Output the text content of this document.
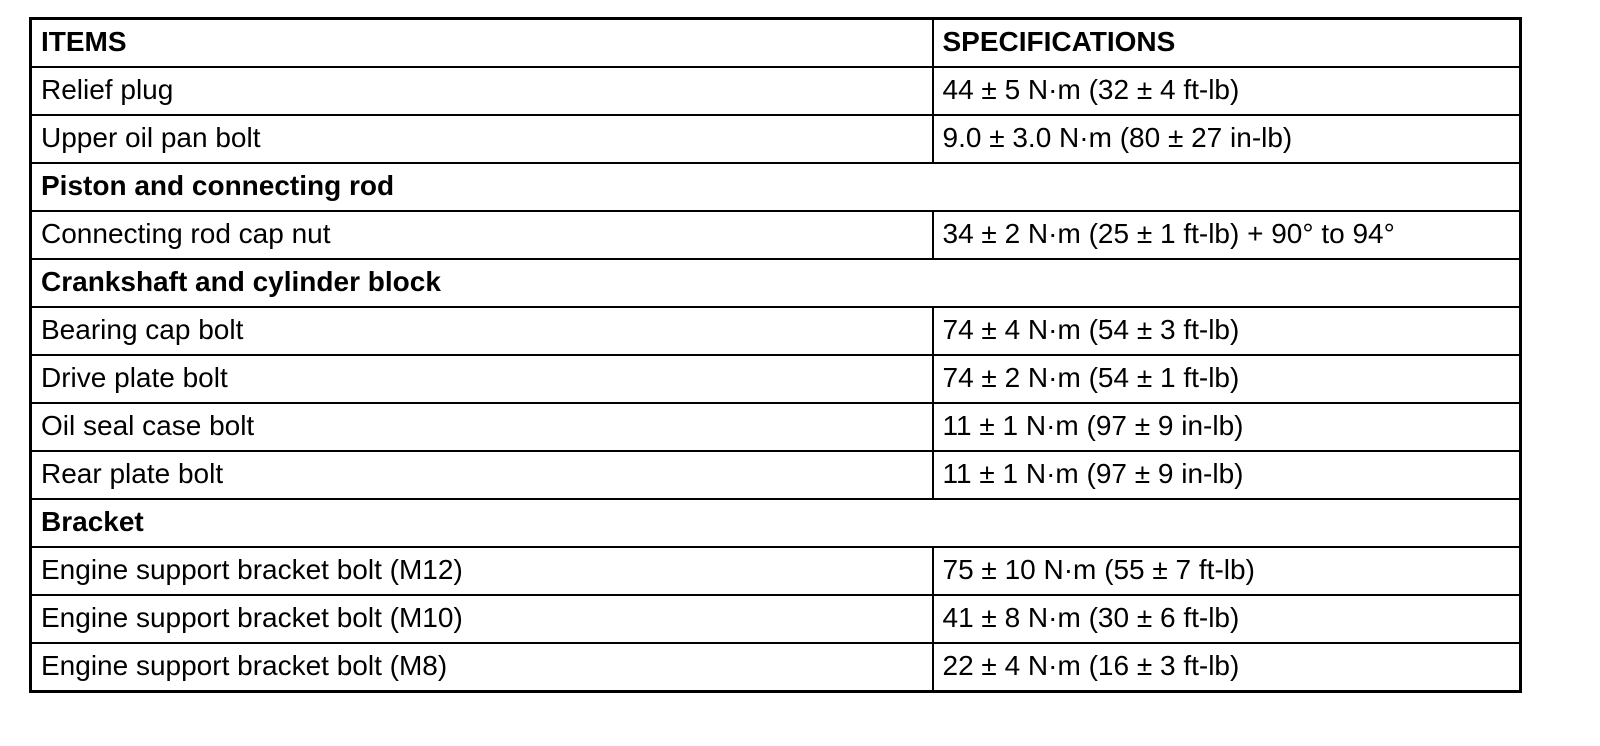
ITEMS	SPECIFICATIONS
Relief plug	44 ± 5 N·m (32 ± 4 ft-lb)
Upper oil pan bolt	9.0 ± 3.0 N·m (80 ± 27 in-lb)
Piston and connecting rod	
Connecting rod cap nut	34 ± 2 N·m (25 ± 1 ft-lb) + 90° to 94°
Crankshaft and cylinder block	
Bearing cap bolt	74 ± 4 N·m (54 ± 3 ft-lb)
Drive plate bolt	74 ± 2 N·m (54 ± 1 ft-lb)
Oil seal case bolt	11 ± 1 N·m (97 ± 9 in-lb)
Rear plate bolt	11 ± 1 N·m (97 ± 9 in-lb)
Bracket	
Engine support bracket bolt (M12)	75 ± 10 N·m (55 ± 7 ft-lb)
Engine support bracket bolt (M10)	41 ± 8 N·m (30 ± 6 ft-lb)
Engine support bracket bolt (M8)	22 ± 4 N·m (16 ± 3 ft-lb)
